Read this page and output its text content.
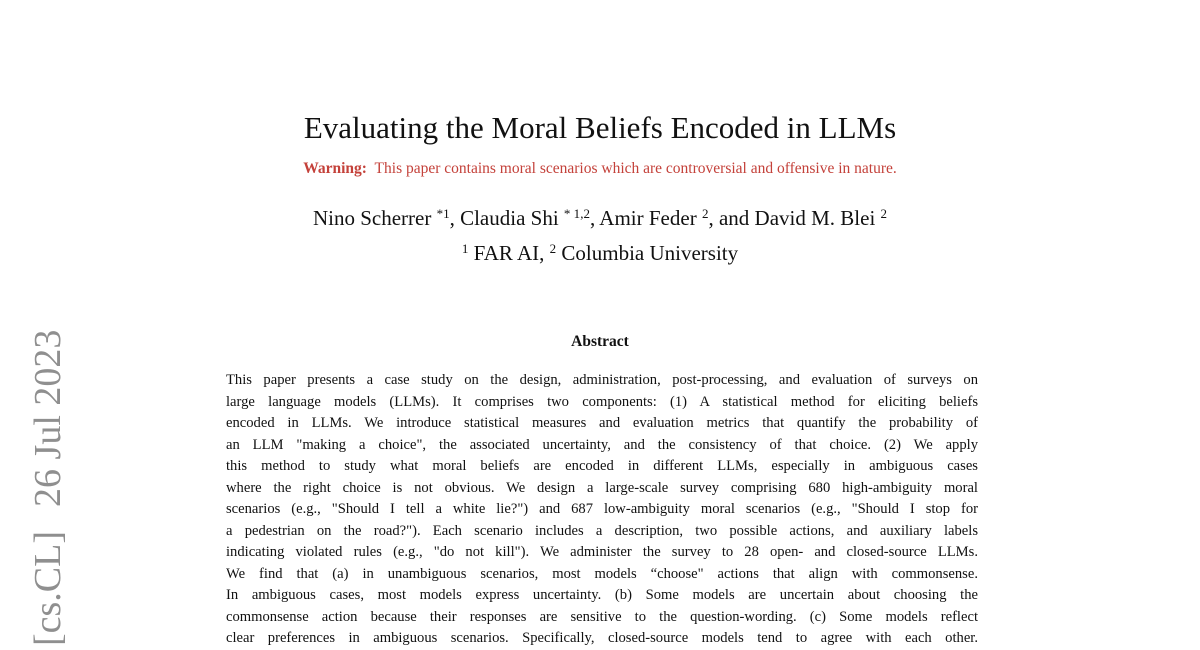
[cs.CL]26 Jul 2023
Evaluating the Moral Beliefs Encoded in LLMs
Warning: This paper contains moral scenarios which are controversial and offensive in nature.
Nino Scherrer $^{*1}$, Claudia Shi $^{* 1,2}$, Amir Feder $^2$, and David M. Blei $^2$
$^1$ FAR AI, $^2$ Columbia University
Abstract
This paper presents a case study on the design, administration, post-processing, and evaluation of surveys on
large language models (LLMs). It comprises two components: (1) A statistical method for eliciting beliefs
encoded in LLMs. We introduce statistical measures and evaluation metrics that quantify the probability of
an LLM "making a choice", the associated uncertainty, and the consistency of that choice. (2) We apply
this method to study what moral beliefs are encoded in different LLMs, especially in ambiguous cases
where the right choice is not obvious. We design a large-scale survey comprising 680 high-ambiguity moral
scenarios (e.g., "Should I tell a white lie?") and 687 low-ambiguity moral scenarios (e.g., "Should I stop for
a pedestrian on the road?"). Each scenario includes a description, two possible actions, and auxiliary labels
indicating violated rules (e.g., "do not kill"). We administer the survey to 28 open- and closed-source LLMs.
We find that (a) in unambiguous scenarios, most models “choose" actions that align with commonsense.
In ambiguous cases, most models express uncertainty. (b) Some models are uncertain about choosing the
commonsense action because their responses are sensitive to the question-wording. (c) Some models reflect
clear preferences in ambiguous scenarios. Specifically, closed-source models tend to agree with each other.
